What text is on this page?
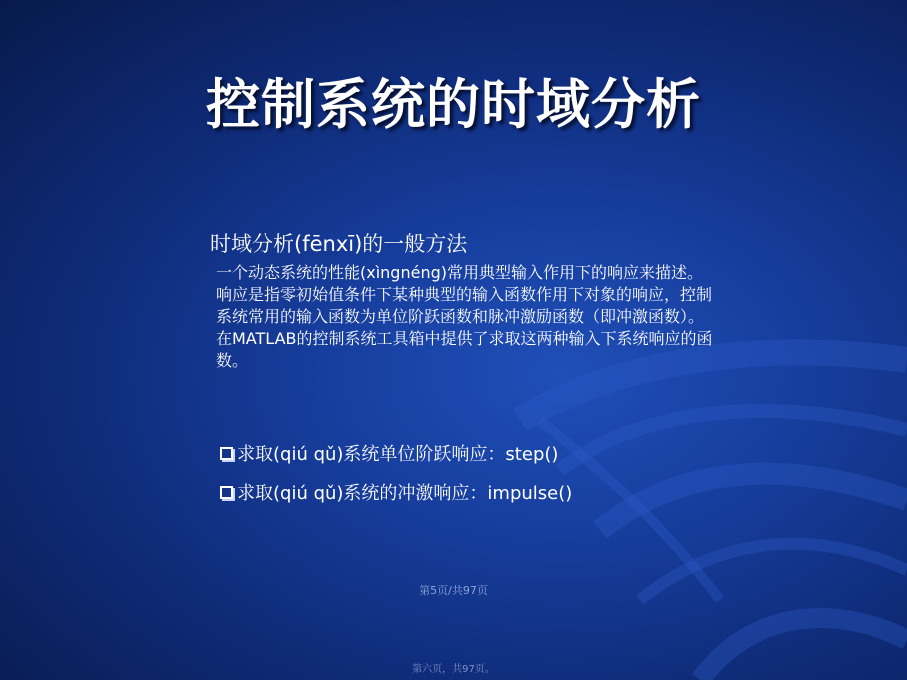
控制系统的时域分析
时域分析(fēnxī)的一般方法
一个动态系统的性能(xìngnéng)常用典型输入作用下的响应来描述。响应是指零初始值条件下某种典型的输入函数作用下对象的响应，控制系统常用的输入函数为单位阶跃函数和脉冲激励函数（即冲激函数）。在MATLAB的控制系统工具箱中提供了求取这两种输入下系统响应的函数。
求取(qiú qǔ)系统单位阶跃响应：step()
求取(qiú qǔ)系统的冲激响应：impulse()
第5页/共97页
第六页，共97页。
